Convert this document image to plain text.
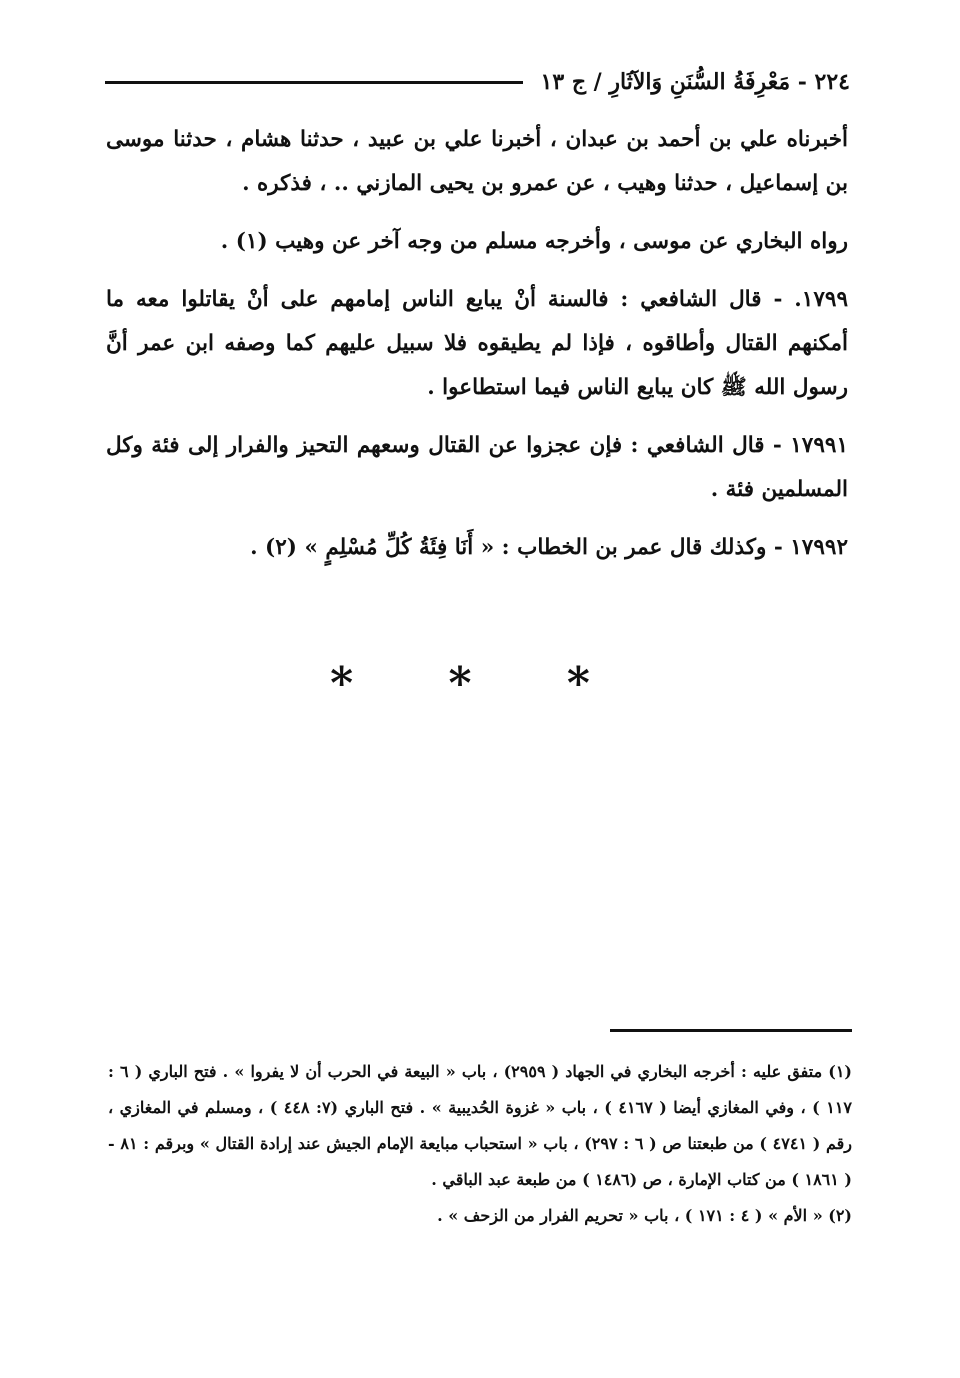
٢٢٤ - مَعْرِفَةُ السُّنَنِ وَالآثَارِ / ج ١٣

أخبرناه علي بن أحمد بن عبدان ، أخبرنا علي بن عبيد ، حدثنا هشام ، حدثنا موسى بن إسماعيل ، حدثنا وهيب ، عن عمرو بن يحيى المازني .. ، فذكره .

رواه البخاري عن موسى ، وأخرجه مسلم من وجه آخر عن وهيب (١) .

١٧٩٩. - قال الشافعي : فالسنة أنْ يبايع الناس إمامهم على أنْ يقاتلوا معه ما أمكنهم القتال وأطاقوه ، فإذا لم يطيقوه فلا سبيل عليهم كما وصفه ابن عمر أنَّ رسول الله ﷺ كان يبايع الناس فيما استطاعوا .

١٧٩٩١ - قال الشافعي : فإن عجزوا عن القتال وسعهم التحيز والفرار إلى فئة وكل المسلمين فئة .

١٧٩٩٢ - وكذلك قال عمر بن الخطاب : « أَنَا فِئَةُ كُلِّ مُسْلِمٍ » (٢) .

* * *

(١) متفق عليه : أخرجه البخاري في الجهاد ( ٢٩٥٩) ، باب « البيعة في الحرب أن لا يفروا » . فتح الباري ( ٦ : ١١٧ ) ، وفي المغازي أيضا ( ٤١٦٧ ) ، باب « غزوة الحُديبية » . فتح الباري (٧: ٤٤٨ ) ، ومسلم في المغازي ، رقم ( ٤٧٤١ ) من طبعتنا ص ( ٦ : ٢٩٧) ، باب « استحباب مبايعة الإمام الجيش عند إرادة القتال » وبرقم : ٨١ - ( ١٨٦١ ) من كتاب الإمارة ، ص (١٤٨٦ ) من طبعة عبد الباقي .

(٢) « الأم » ( ٤ : ١٧١ ) ، باب « تحريم الفرار من الزحف » .
